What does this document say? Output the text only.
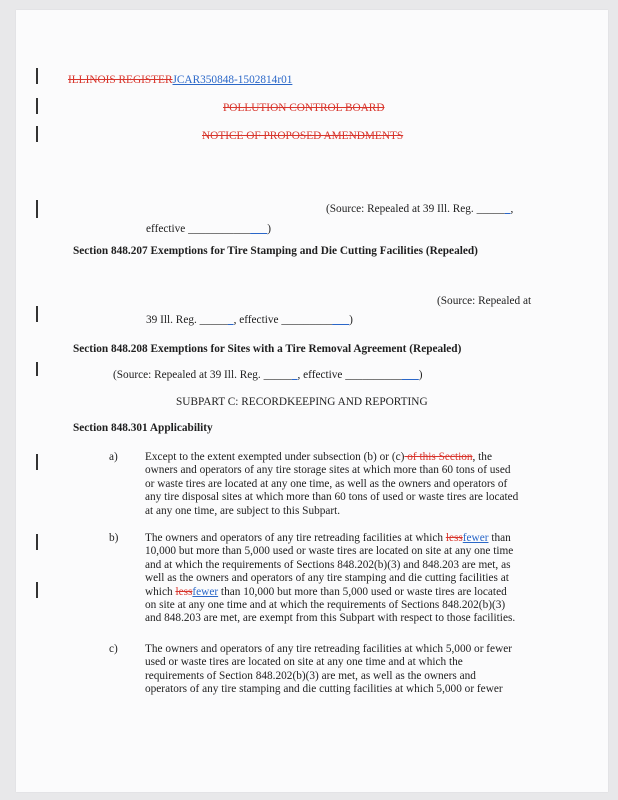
ILLINOIS REGISTERJCAR350848-1502814r01
POLLUTION CONTROL BOARD
NOTICE OF PROPOSED AMENDMENTS
(Source: Repealed at 39 Ill. Reg. ______,
effective ______________)
Section 848.207 Exemptions for Tire Stamping and Die Cutting Facilities (Repealed)
(Source: Repealed at
39 Ill. Reg. ______, effective ____________)
Section 848.208 Exemptions for Sites with a Tire Removal Agreement (Repealed)
(Source: Repealed at 39 Ill. Reg. ______, effective _____________)
SUBPART C: RECORDKEEPING AND REPORTING
Section 848.301 Applicability
a) Except to the extent exempted under subsection (b) or (c) of this Section, the
owners and operators of any tire storage sites at which more than 60 tons of used
or waste tires are located at any one time, as well as the owners and operators of
any tire disposal sites at which more than 60 tons of used or waste tires are located
at any one time, are subject to this Subpart.
b) The owners and operators of any tire retreading facilities at which lessfewer than
10,000 but more than 5,000 used or waste tires are located on site at any one time
and at which the requirements of Sections 848.202(b)(3) and 848.203 are met, as
well as the owners and operators of any tire stamping and die cutting facilities at
which lessfewer than 10,000 but more than 5,000 used or waste tires are located
on site at any one time and at which the requirements of Sections 848.202(b)(3)
and 848.203 are met, are exempt from this Subpart with respect to those facilities.
c) The owners and operators of any tire retreading facilities at which 5,000 or fewer
used or waste tires are located on site at any one time and at which the
requirements of Section 848.202(b)(3) are met, as well as the owners and
operators of any tire stamping and die cutting facilities at which 5,000 or fewer
